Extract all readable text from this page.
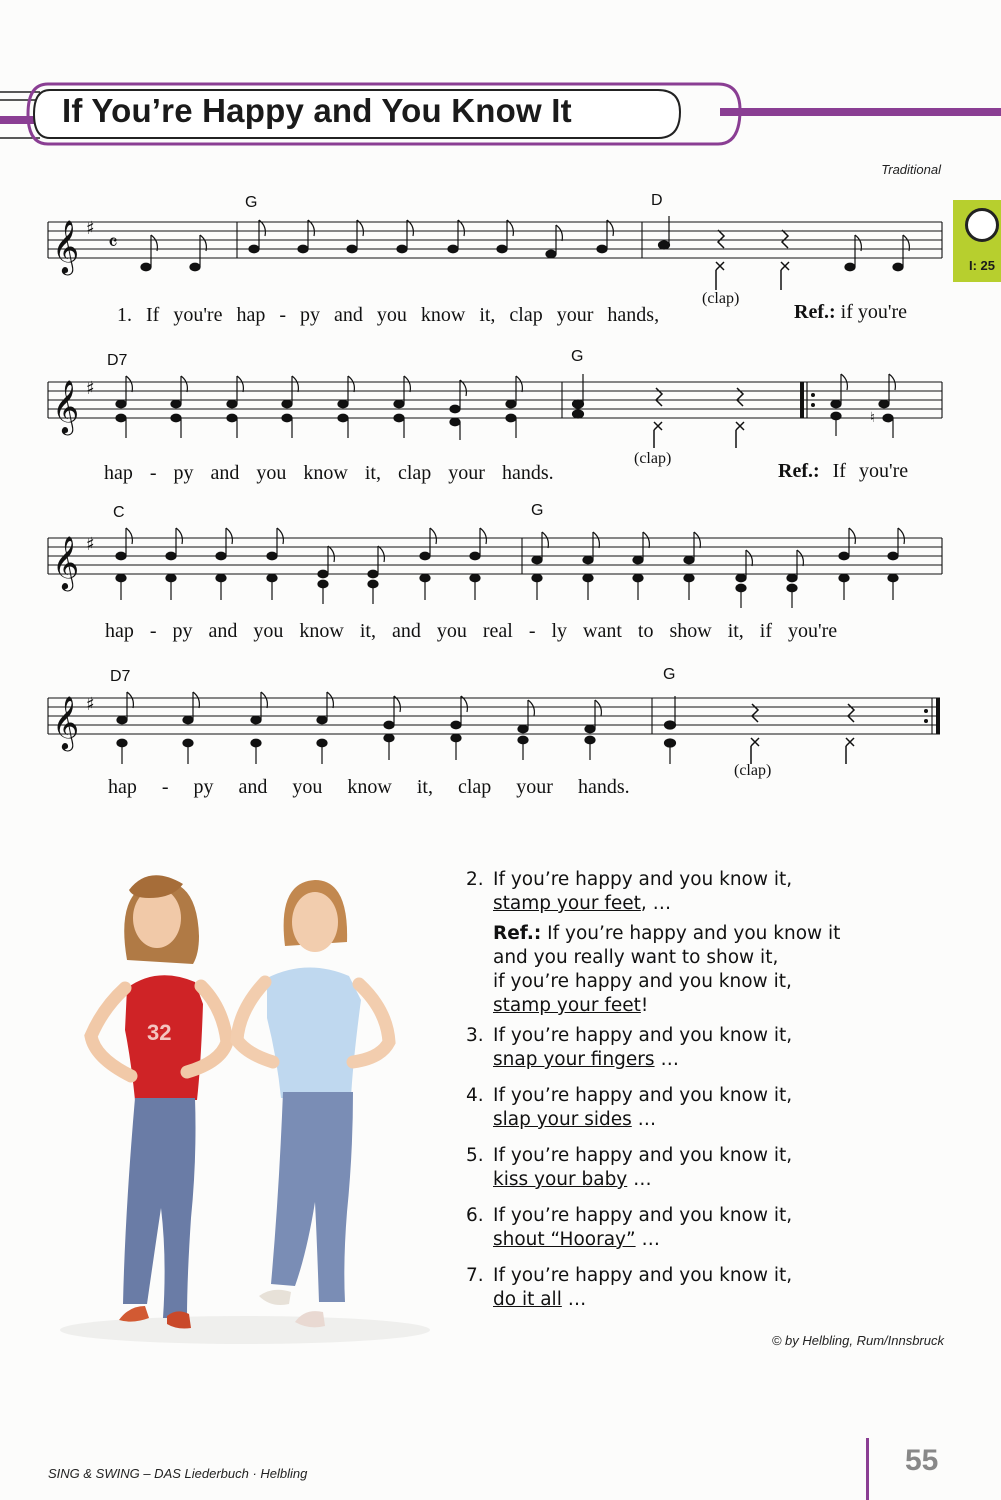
If You’re Happy and You Know It
Traditional
I: 25
𝄞 ♯
𝄴
G	D
1. If you're hap - py and you know it, clap your hands,
(clap)
Ref.: if you're
𝄞 ♯
♮
D7	G
hap - py and you know it, clap your hands.
(clap)
Ref.: If you're
𝄞 ♯
C	G
hap - py and you know it, and you real - ly want to show it, if you're
𝄞 ♯
D7	G
hap - py and you know it, clap your hands.
(clap)
32
2. If you’re happy and you know it,
stamp your feet, …
Ref.: If you’re happy and you know it
and you really want to show it,
if you’re happy and you know it,
stamp your feet!
3. If you’re happy and you know it,
snap your fingers …
4. If you’re happy and you know it,
slap your sides …
5. If you’re happy and you know it,
kiss your baby …
6. If you’re happy and you know it,
shout “Hooray” …
7. If you’re happy and you know it,
do it all …
© by Helbling, Rum/Innsbruck
SING & SWING – DAS Liederbuch · Helbling	55
